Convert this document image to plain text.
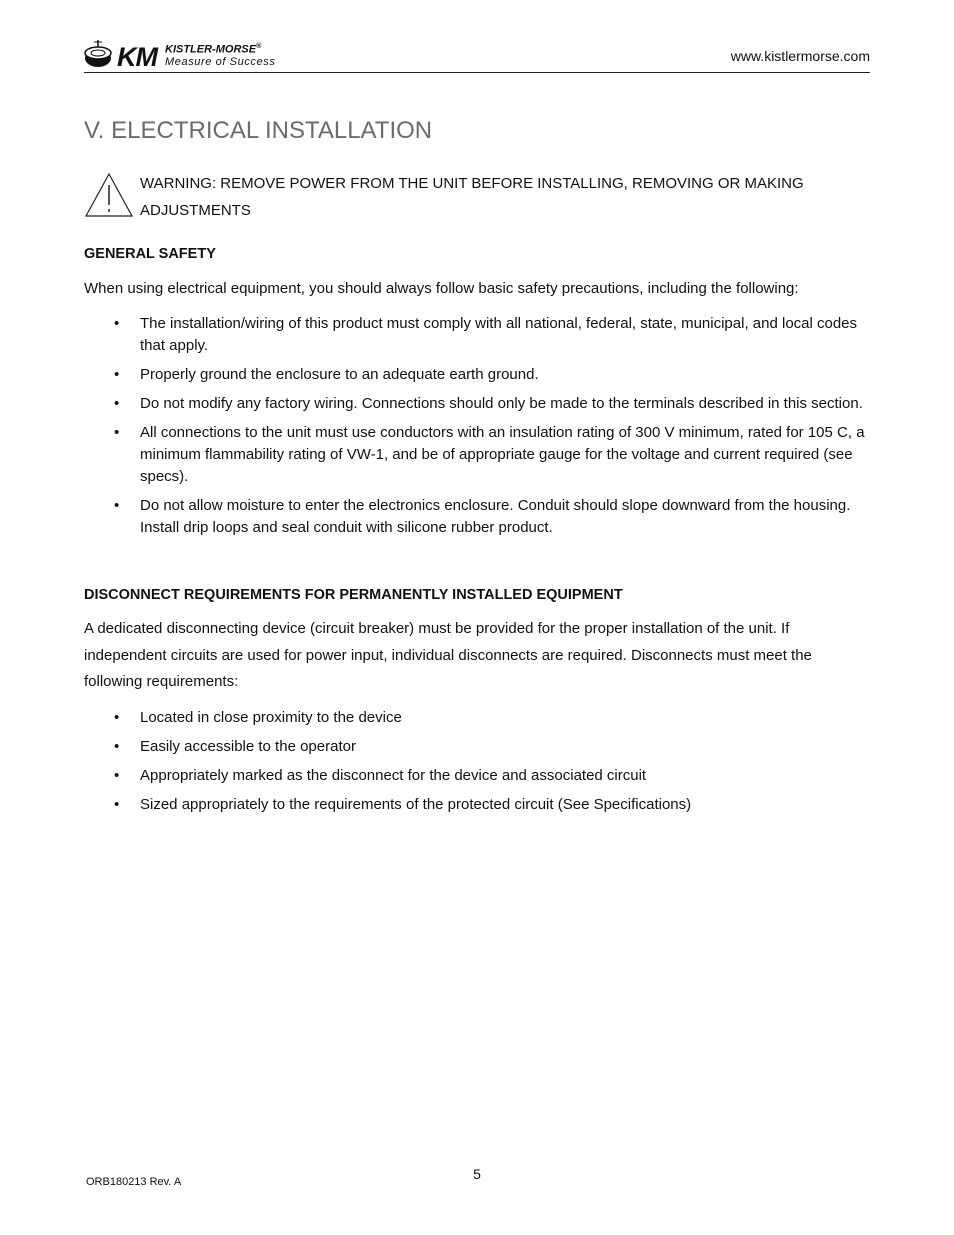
KM KISTLER-MORSE®
Measure of Success	www.kistlermorse.com
V. ELECTRICAL INSTALLATION
WARNING: REMOVE POWER FROM THE UNIT BEFORE INSTALLING, REMOVING OR MAKING ADJUSTMENTS
GENERAL SAFETY

When using electrical equipment, you should always follow basic safety precautions, including the following:

• The installation/wiring of this product must comply with all national, federal, state, municipal, and local codes that apply.
• Properly ground the enclosure to an adequate earth ground.
• Do not modify any factory wiring. Connections should only be made to the terminals described in this section.
• All connections to the unit must use conductors with an insulation rating of 300 V minimum, rated for 105 C, a minimum flammability rating of VW-1, and be of appropriate gauge for the voltage and current required (see specs).
• Do not allow moisture to enter the electronics enclosure. Conduit should slope downward from the housing. Install drip loops and seal conduit with silicone rubber product.
DISCONNECT REQUIREMENTS FOR PERMANENTLY INSTALLED EQUIPMENT

A dedicated disconnecting device (circuit breaker) must be provided for the proper installation of the unit. If independent circuits are used for power input, individual disconnects are required. Disconnects must meet the following requirements:

• Located in close proximity to the device
• Easily accessible to the operator
• Appropriately marked as the disconnect for the device and associated circuit
• Sized appropriately to the requirements of the protected circuit (See Specifications)
ORB180213 Rev. A	5
